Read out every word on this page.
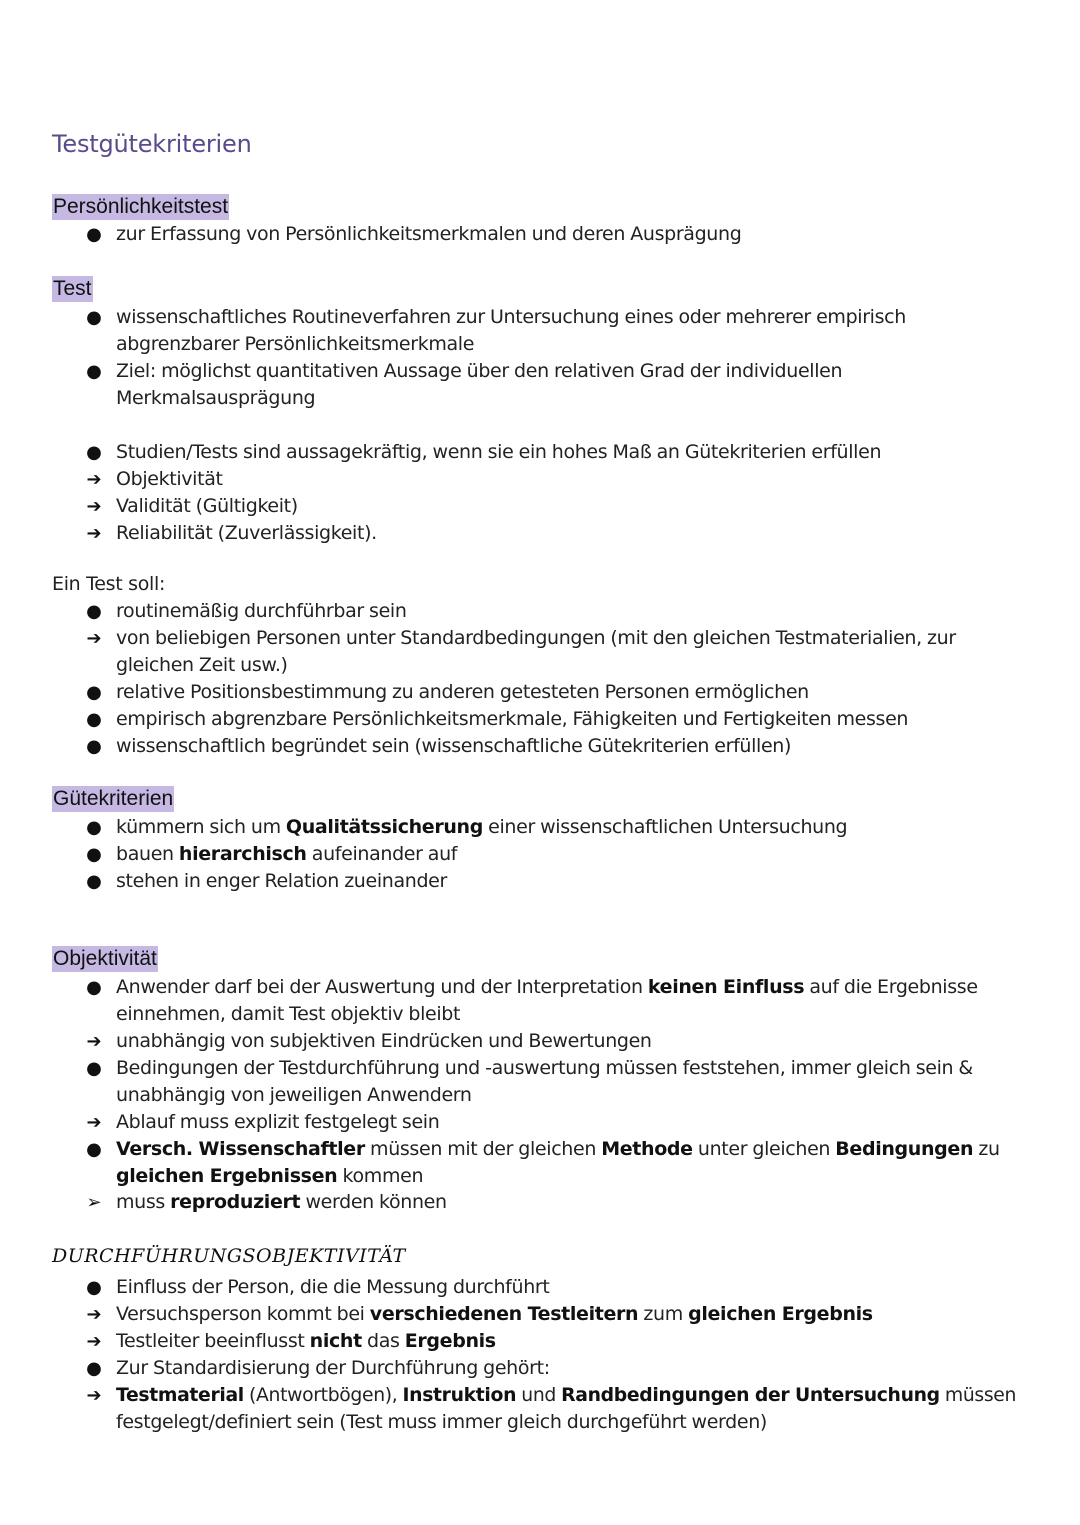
Testgütekriterien
Persönlichkeitstest
● zur Erfassung von Persönlichkeitsmerkmalen und deren Ausprägung
Test
● wissenschaftliches Routineverfahren zur Untersuchung eines oder mehrerer empirisch
abgrenzbarer Persönlichkeitsmerkmale
● Ziel: möglichst quantitativen Aussage über den relativen Grad der individuellen
Merkmalsausprägung
● Studien/Tests sind aussagekräftig, wenn sie ein hohes Maß an Gütekriterien erfüllen
➔ Objektivität
➔ Validität (Gültigkeit)
➔ Reliabilität (Zuverlässigkeit).
Ein Test soll:
● routinemäßig durchführbar sein
➔ von beliebigen Personen unter Standardbedingungen (mit den gleichen Testmaterialien, zur
gleichen Zeit usw.)
● relative Positionsbestimmung zu anderen getesteten Personen ermöglichen
● empirisch abgrenzbare Persönlichkeitsmerkmale, Fähigkeiten und Fertigkeiten messen
● wissenschaftlich begründet sein (wissenschaftliche Gütekriterien erfüllen)
Gütekriterien
● kümmern sich um Qualitätssicherung einer wissenschaftlichen Untersuchung
● bauen hierarchisch aufeinander auf
● stehen in enger Relation zueinander
Objektivität
● Anwender darf bei der Auswertung und der Interpretation keinen Einfluss auf die Ergebnisse
einnehmen, damit Test objektiv bleibt
➔ unabhängig von subjektiven Eindrücken und Bewertungen
● Bedingungen der Testdurchführung und -auswertung müssen feststehen, immer gleich sein &
unabhängig von jeweiligen Anwendern
➔ Ablauf muss explizit festgelegt sein
● Versch. Wissenschaftler müssen mit der gleichen Methode unter gleichen Bedingungen zu
gleichen Ergebnissen kommen
➢ muss reproduziert werden können
DURCHFÜHRUNGSOBJEKTIVITÄT
● Einfluss der Person, die die Messung durchführt
➔ Versuchsperson kommt bei verschiedenen Testleitern zum gleichen Ergebnis
➔ Testleiter beeinflusst nicht das Ergebnis
● Zur Standardisierung der Durchführung gehört:
➔ Testmaterial (Antwortbögen), Instruktion und Randbedingungen der Untersuchung müssen
festgelegt/definiert sein (Test muss immer gleich durchgeführt werden)
